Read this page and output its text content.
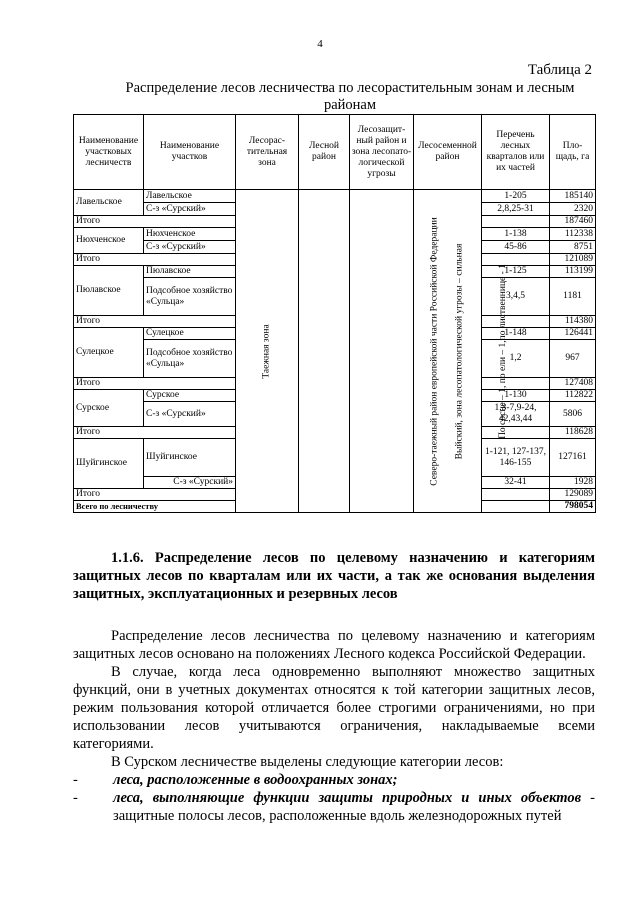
4
Таблица 2
Распределение лесов лесничества по лесорастительным зонам и лесным районам
Наименование участковых лесничеств	Наименование участков	Лесорас- тительная зона	Лесной район	Лесозащит- ный район и зона лесопато- логической угрозы	Лесосеменной район	Перечень лесных кварталов или их частей	Пло- щадь, га
Лавельское	Лавельское	Таежная зона	Северо-таежный район европейской части Российской Федерации	Выйский, зона лесопатологической угрозы – сильная	По сосне – 1, по ели – 1,по лиственнице - 1	1-205	185140
	С-з «Сурский»					2,8,25-31	2320
Итого							187460
Нюхченское	Нюхченское					1-138	112338
	С-з «Сурский»					45-86	8751
Итого							121089
Пюлавское	Пюлавское					1-125	113199
	Подсобное хозяйство «Сульца»					3,4,5	1181
Итого							114380
Сулецкое	Сулецкое					1-148	126441
	Подсобное хозяйство «Сульца»					1,2	967
Итого							127408
Сурское	Сурское					1-130	112822
	С-з «Сурский»					1,3-7,9-24, 42,43,44	5806
Итого							118628
Шуйгинское	Шуйгинское					1-121, 127-137, 146-155	127161
	С-з «Сурский»					32-41	1928
Итого							129089
Всего по лесничеству							798054
1.1.6. Распределение лесов по целевому назначению и категориям защитных лесов по кварталам или их части, а так же основания выделения защитных, эксплуатационных и резервных лесов

Распределение лесов лесничества по целевому назначению и категориям защитных лесов основано на положениях Лесного кодекса Российской Федерации.

В случае, когда леса одновременно выполняют множество защитных функций, они в учетных документах относятся к той категории защитных лесов, режим пользования которой отличается более строгими ограничениями, но при использовании лесов учитываются ограничения, накладываемые всеми категориями.

В Сурском лесничестве выделены следующие категории лесов:

- леса, расположенные в водоохранных зонах;

- леса, выполняющие функции защиты природных и иных объектов - защитные полосы лесов, расположенные вдоль железнодорожных путей
